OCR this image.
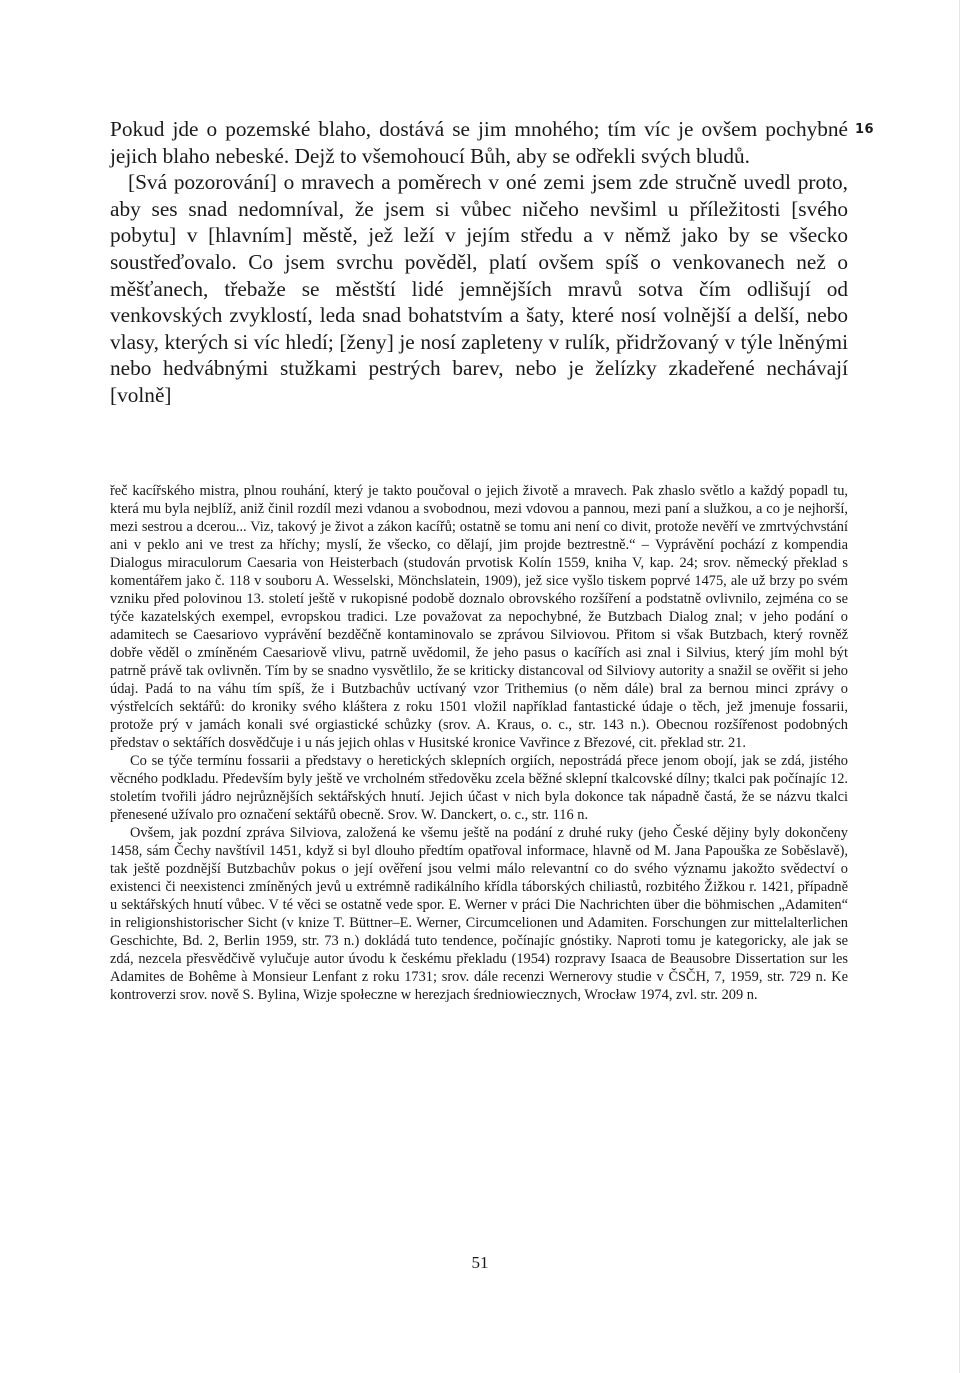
16

Pokud jde o pozemské blaho, dostává se jim mnohého; tím víc je ovšem pochybné jejich blaho nebeské. Dejž to všemohoucí Bůh, aby se odřekli svých bludů.

[Svá pozorování] o mravech a poměrech v oné zemi jsem zde stručně uvedl proto, aby ses snad nedomníval, že jsem si vůbec ničeho nevšiml u příležitosti [svého pobytu] v [hlavním] městě, jež leží v jejím středu a v němž jako by se všecko soustřeďovalo. Co jsem svrchu pověděl, platí ovšem spíš o venkovanech než o měšťanech, třebaže se městští lidé jemnějších mravů sotva čím odlišují od venkovských zvyklostí, leda snad bohatstvím a šaty, které nosí volnější a delší, nebo vlasy, kterých si víc hledí; [ženy] je nosí zapleteny v rulík, přidržovaný v týle lněnými nebo hedvábnými stužkami pestrých barev, nebo je želízky zkadeřené nechávají [volně]

řeč kacířského mistra, plnou rouhání, který je takto poučoval o jejich životě a mravech. Pak zhaslo světlo a každý popadl tu, která mu byla nejblíž, aniž činil rozdíl mezi vdanou a svobodnou, mezi vdovou a pannou, mezi paní a služkou, a co je nejhorší, mezi sestrou a dcerou... Viz, takový je život a zákon kacířů; ostatně se tomu ani není co divit, protože nevěří ve zmrtvýchvstání ani v peklo ani ve trest za hříchy; myslí, že všecko, co dělají, jim projde beztrestně.“ – Vyprávění pochází z kompendia Dialogus miraculorum Caesaria von Heisterbach (studován prvotisk Kolín 1559, kniha V, kap. 24; srov. německý překlad s komentářem jako č. 118 v souboru A. Wesselski, Mönchslatein, 1909), jež sice vyšlo tiskem poprvé 1475, ale už brzy po svém vzniku před polovinou 13. století ještě v rukopisné podobě doznalo obrovského rozšíření a podstatně ovlivnilo, zejména co se týče kazatelských exempel, evropskou tradici. Lze považovat za nepochybné, že Butzbach Dialog znal; v jeho podání o adamitech se Caesariovo vyprávění bezděčně kontaminovalo se zprávou Silviovou. Přitom si však Butzbach, který rovněž dobře věděl o zmíněném Caesariově vlivu, patrně uvědomil, že jeho pasus o kacířích asi znal i Silvius, který jím mohl být patrně právě tak ovlivněn. Tím by se snadno vysvětlilo, že se kriticky distancoval od Silviovy autority a snažil se ověřit si jeho údaj. Padá to na váhu tím spíš, že i Butzbachův uctívaný vzor Trithemius (o něm dále) bral za bernou minci zprávy o výstřelcích sektářů: do kroniky svého kláštera z roku 1501 vložil například fantastické údaje o těch, jež jmenuje fossarii, protože prý v jamách konali své orgiastické schůzky (srov. A. Kraus, o. c., str. 143 n.). Obecnou rozšířenost podobných představ o sektářích dosvědčuje i u nás jejich ohlas v Husitské kronice Vavřince z Březové, cit. překlad str. 21.

Co se týče termínu fossarii a představy o heretických sklepních orgiích, nepostrádá přece jenom obojí, jak se zdá, jistého věcného podkladu. Především byly ještě ve vrcholném středověku zcela běžné sklepní tkalcovské dílny; tkalci pak počínajíc 12. stoletím tvořili jádro nejrůznějších sektářských hnutí. Jejich účast v nich byla dokonce tak nápadně častá, že se názvu tkalci přenesené užívalo pro označení sektářů obecně. Srov. W. Danckert, o. c., str. 116 n.

Ovšem, jak pozdní zpráva Silviova, založená ke všemu ještě na podání z druhé ruky (jeho České dějiny byly dokončeny 1458, sám Čechy navštívil 1451, když si byl dlouho předtím opatřoval informace, hlavně od M. Jana Papouška ze Soběslavě), tak ještě pozdnější Butzbachův pokus o její ověření jsou velmi málo relevantní co do svého významu jakožto svědectví o existenci či neexistenci zmíněných jevů u extrémně radikálního křídla táborských chiliastů, rozbitého Žižkou r. 1421, případně u sektářských hnutí vůbec. V té věci se ostatně vede spor. E. Werner v práci Die Nachrichten über die böhmischen „Adamiten“ in religionshistorischer Sicht (v knize T. Büttner–E. Werner, Circumcelionen und Adamiten. Forschungen zur mittelalterlichen Geschichte, Bd. 2, Berlin 1959, str. 73 n.) dokládá tuto tendence, počínajíc gnóstiky. Naproti tomu je kategoricky, ale jak se zdá, nezcela přesvědčivě vylučuje autor úvodu k českému překladu (1954) rozpravy Isaaca de Beausobre Dissertation sur les Adamites de Bohême à Monsieur Lenfant z roku 1731; srov. dále recenzi Wernerovy studie v ČSČH, 7, 1959, str. 729 n. Ke kontroverzi srov. nově S. Bylina, Wizje społeczne w herezjach średniowiecznych, Wrocław 1974, zvl. str. 209 n.

51
